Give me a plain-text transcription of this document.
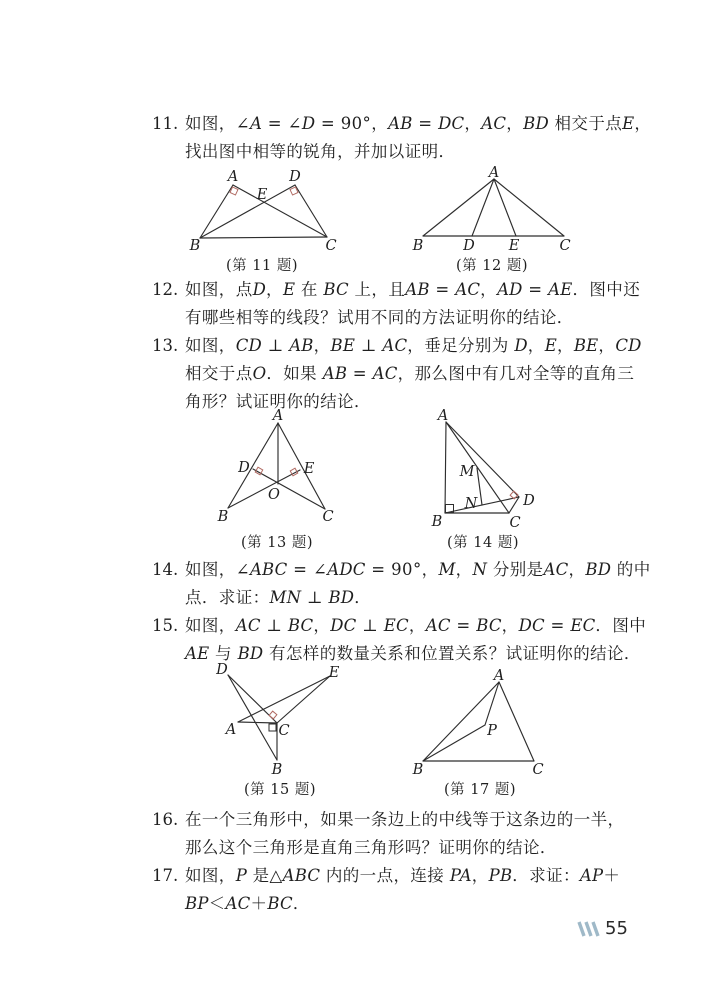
A	D
E
B	C
A
B	D E	C
A
D	E
O
B	C
A
M
N
B	C
D
D	E
A	C
B
A
P
B	C
11. 如图，∠A = ∠D = 90°，AB = DC，AC，BD 相交于点E，
找出图中相等的锐角，并加以证明．
(第 11 题)	(第 12 题)
12. 如图，点D，E 在 BC 上，且AB = AC，AD = AE．图中还
有哪些相等的线段？试用不同的方法证明你的结论．
13. 如图，CD ⊥ AB，BE ⊥ AC，垂足分别为 D，E，BE，CD
相交于点O．如果 AB = AC，那么图中有几对全等的直角三
角形？试证明你的结论．
(第 13 题)	(第 14 题)
14. 如图，∠ABC = ∠ADC = 90°，M，N 分别是AC，BD 的中
点．求证：MN ⊥ BD．
15. 如图，AC ⊥ BC，DC ⊥ EC，AC = BC，DC = EC．图中
AE 与 BD 有怎样的数量关系和位置关系？试证明你的结论．
(第 15 题)	(第 17 题)
16. 在一个三角形中，如果一条边上的中线等于这条边的一半，
那么这个三角形是直角三角形吗？证明你的结论．
17. 如图，P 是△ABC 内的一点，连接 PA，PB．求证：AP＋
BP＜AC＋BC．
55
